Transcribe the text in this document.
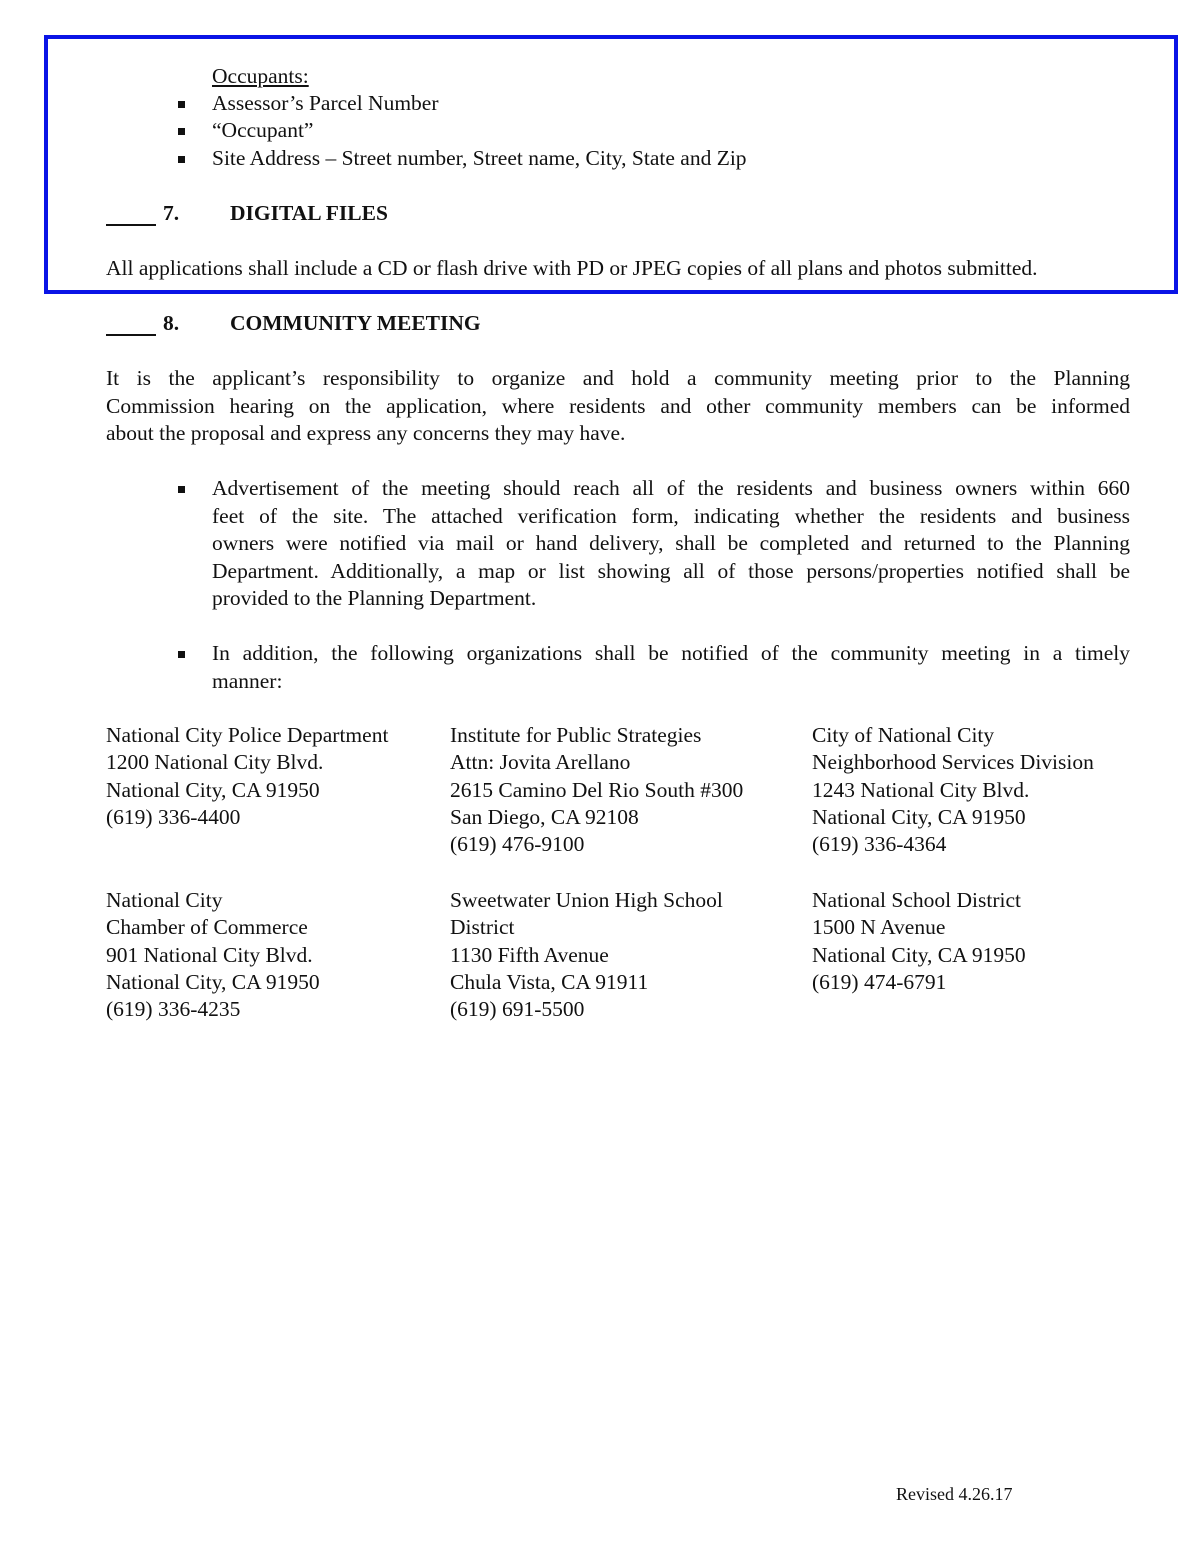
Occupants:
Assessor’s Parcel Number
“Occupant”
Site Address – Street number, Street name, City, State and Zip
7. DIGITAL FILES
All applications shall include a CD or flash drive with PD or JPEG copies of all plans and photos submitted.
8. COMMUNITY MEETING
It is the applicant’s responsibility to organize and hold a community meeting prior to the Planning
Commission hearing on the application, where residents and other community members can be informed
about the proposal and express any concerns they may have.
Advertisement of the meeting should reach all of the residents and business owners within 660
feet of the site. The attached verification form, indicating whether the residents and business
owners were notified via mail or hand delivery, shall be completed and returned to the Planning
Department. Additionally, a map or list showing all of those persons/properties notified shall be
provided to the Planning Department.
In addition, the following organizations shall be notified of the community meeting in a timely
manner:
National City Police Department
1200 National City Blvd.
National City, CA 91950
(619) 336-4400
Institute for Public Strategies
Attn: Jovita Arellano
2615 Camino Del Rio South #300
San Diego, CA 92108
(619) 476-9100
City of National City
Neighborhood Services Division
1243 National City Blvd.
National City, CA 91950
(619) 336-4364
National City
Chamber of Commerce
901 National City Blvd.
National City, CA 91950
(619) 336-4235
Sweetwater Union High School
District
1130 Fifth Avenue
Chula Vista, CA 91911
(619) 691-5500
National School District
1500 N Avenue
National City, CA 91950
(619) 474-6791
Revised 4.26.17
